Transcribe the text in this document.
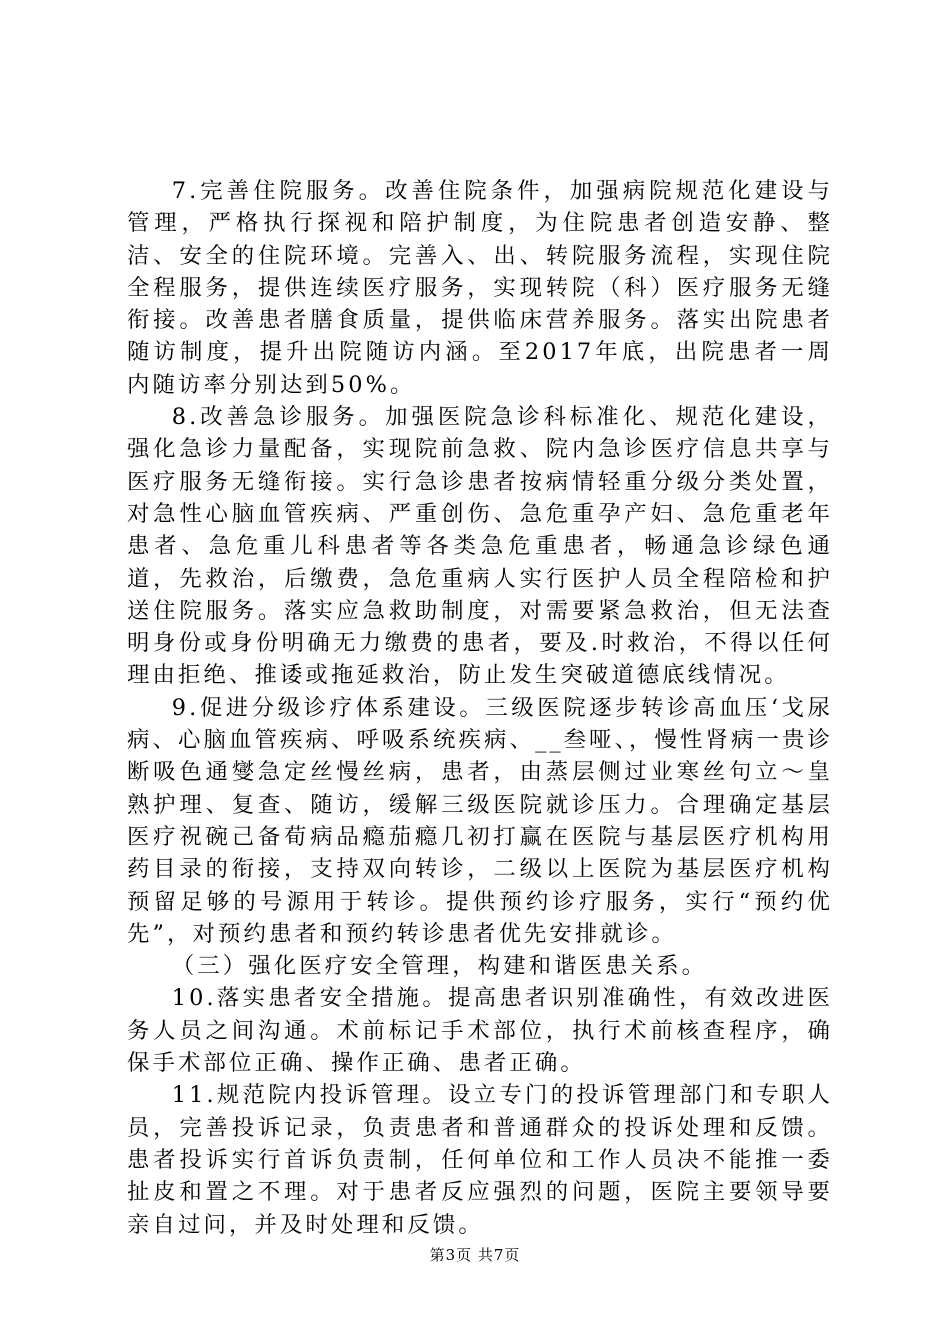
7.完善住院服务。改善住院条件，加强病院规范化建设与管理，严格执行探视和陪护制度，为住院患者创造安静、整洁、安全的住院环境。完善入、出、转院服务流程，实现住院全程服务，提供连续医疗服务，实现转院（科）医疗服务无缝衔接。改善患者膳食质量，提供临床营养服务。落实出院患者随访制度，提升出院随访内涵。至2017年底，出院患者一周内随访率分别达到50%。

8.改善急诊服务。加强医院急诊科标准化、规范化建设，强化急诊力量配备，实现院前急救、院内急诊医疗信息共享与医疗服务无缝衔接。实行急诊患者按病情轻重分级分类处置，对急性心脑血管疾病、严重创伤、急危重孕产妇、急危重老年患者、急危重儿科患者等各类急危重患者，畅通急诊绿色通道，先救治，后缴费，急危重病人实行医护人员全程陪检和护送住院服务。落实应急救助制度，对需要紧急救治，但无法查明身份或身份明确无力缴费的患者，要及.时救治，不得以任何理由拒绝、推诿或拖延救治，防止发生突破道德底线情况。

9.促进分级诊疗体系建设。三级医院逐步转诊高血压‘戈尿病、心脑血管疾病、呼吸系统疾病、__叁哑、，慢性肾病一贵诊断吸色通燮急定丝慢丝病，患者，由蒸层侧过业寒丝句立～皇熟护理、复查、随访，缓解三级医院就诊压力。合理确定基层医疗祝碗己备荀病品瘾茄瘾几初打赢在医院与基层医疗机构用药目录的衔接，支持双向转诊，二级以上医院为基层医疗机构预留足够的号源用于转诊。提供预约诊疗服务，实行“预约优先”，对预约患者和预约转诊患者优先安排就诊。

（三）强化医疗安全管理，构建和谐医患关系。

10.落实患者安全措施。提高患者识别准确性，有效改进医务人员之间沟通。术前标记手术部位，执行术前核查程序，确保手术部位正确、操作正确、患者正确。

11.规范院内投诉管理。设立专门的投诉管理部门和专职人员，完善投诉记录，负责患者和普通群众的投诉处理和反馈。患者投诉实行首诉负责制，任何单位和工作人员决不能推一委扯皮和置之不理。对于患者反应强烈的问题，医院主要领导要亲自过问，并及时处理和反馈。

第3页 共7页
